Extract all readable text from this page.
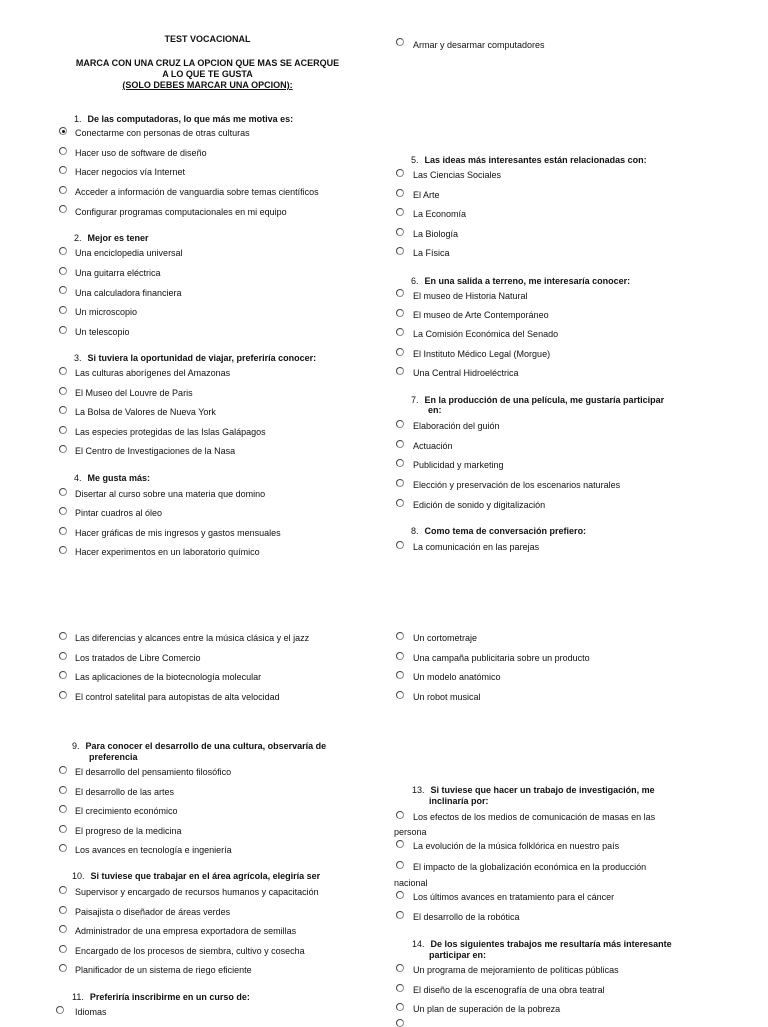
TEST VOCACIONAL
MARCA CON UNA CRUZ LA OPCION QUE MAS SE ACERQUE
A LO QUE TE GUSTA
(SOLO DEBES MARCAR UNA OPCION):
1. De las computadoras, lo que más me motiva es:
Conectarme con personas de otras culturas
Hacer uso de software de diseño
Hacer negocios vía Internet
Acceder a información de vanguardia sobre temas científicos
Configurar programas computacionales en mi equipo
2. Mejor es tener
Una enciclopedia universal
Una guitarra eléctrica
Una calculadora financiera
Un microscopio
Un telescopio
3. Si tuviera la oportunidad de viajar, preferiría conocer:
Las culturas aborígenes del Amazonas
El Museo del Louvre de Paris
La Bolsa de Valores de Nueva York
Las especies protegidas de las Islas Galápagos
El Centro de Investigaciones de la Nasa
4. Me gusta más:
Disertar al curso sobre una materia que domino
Pintar cuadros al óleo
Hacer gráficas de mis ingresos y gastos mensuales
Hacer experimentos en un laboratorio químico
Armar y desarmar computadores
5. Las ideas más interesantes están relacionadas con:
Las Ciencias Sociales
El Arte
La Economía
La Biología
La Física
6. En una salida a terreno, me interesaría conocer:
El museo de Historia Natural
El museo de Arte Contemporáneo
La Comisión Económica del Senado
El Instituto Médico Legal (Morgue)
Una Central Hidroeléctrica
7. En la producción de una película, me gustaría participar
en:
Elaboración del guión
Actuación
Publicidad y marketing
Elección y preservación de los escenarios naturales
Edición de sonido y digitalización
8. Como tema de conversación prefiero:
La comunicación en las parejas
Las diferencias y alcances entre la música clásica y el jazz
Los tratados de Libre Comercio
Las aplicaciones de la biotecnología molecular
El control satelital para autopistas de alta velocidad
Un cortometraje
Una campaña publicitaria sobre un producto
Un modelo anatómico
Un robot musical
9. Para conocer el desarrollo de una cultura, observaría de
preferencia
El desarrollo del pensamiento filosófico
El desarrollo de las artes
El crecimiento económico
El progreso de la medicina
Los avances en tecnología e ingeniería
10. Si tuviese que trabajar en el área agrícola, elegiría ser
Supervisor y encargado de recursos humanos y capacitación
Paisajista o diseñador de áreas verdes
Administrador de una empresa exportadora de semillas
Encargado de los procesos de siembra, cultivo y cosecha
Planificador de un sistema de riego eficiente
11. Preferiría inscribirme en un curso de:
Idiomas
13. Si tuviese que hacer un trabajo de investigación, me
inclinaría por:
Los efectos de los medios de comunicación de masas en las
persona
La evolución de la música folklórica en nuestro país
El impacto de la globalización económica en la producción
nacional
Los últimos avances en tratamiento para el cáncer
El desarrollo de la robótica
14. De los siguientes trabajos me resultaría más interesante
participar en:
Un programa de mejoramiento de políticas públicas
El diseño de la escenografía de una obra teatral
Un plan de superación de la pobreza
